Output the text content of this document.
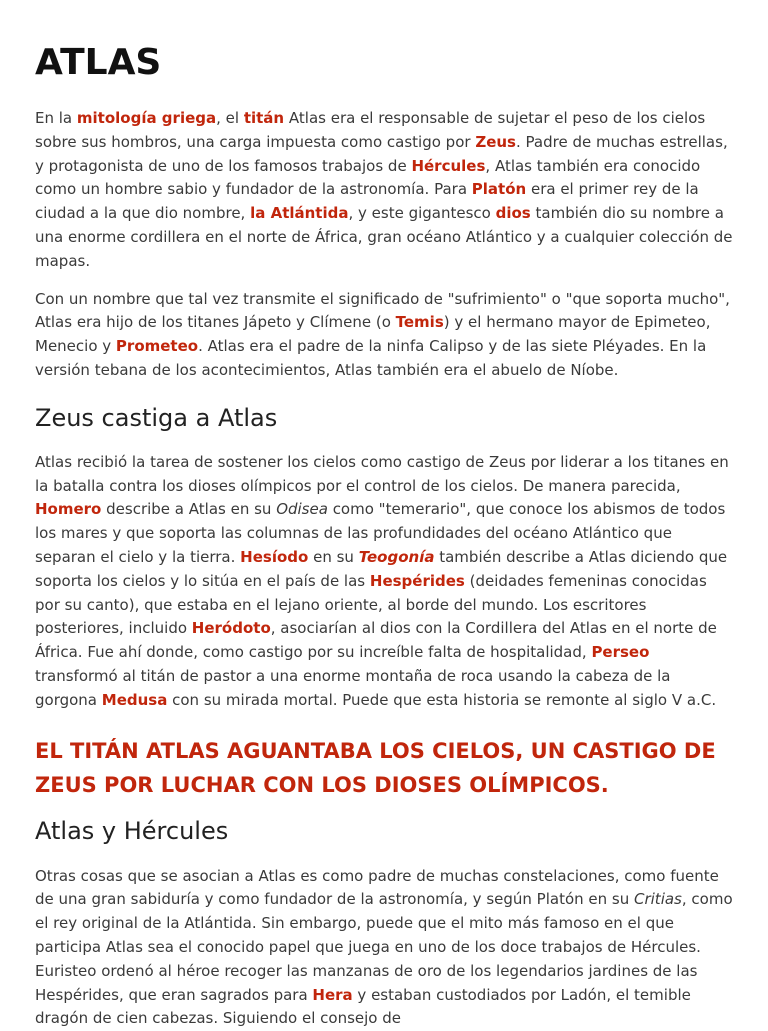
ATLAS

En la mitología griega, el titán Atlas era el responsable de sujetar el peso de los cielos sobre sus hombros, una carga impuesta como castigo por Zeus. Padre de muchas estrellas, y protagonista de uno de los famosos trabajos de Hércules, Atlas también era conocido como un hombre sabio y fundador de la astronomía. Para Platón era el primer rey de la ciudad a la que dio nombre, la Atlántida, y este gigantesco dios también dio su nombre a una enorme cordillera en el norte de África, gran océano Atlántico y a cualquier colección de mapas.

Con un nombre que tal vez transmite el significado de "sufrimiento" o "que soporta mucho", Atlas era hijo de los titanes Jápeto y Clímene (o Temis) y el hermano mayor de Epimeteo, Menecio y Prometeo. Atlas era el padre de la ninfa Calipso y de las siete Pléyades. En la versión tebana de los acontecimientos, Atlas también era el abuelo de Níobe.

Zeus castiga a Atlas

Atlas recibió la tarea de sostener los cielos como castigo de Zeus por liderar a los titanes en la batalla contra los dioses olímpicos por el control de los cielos. De manera parecida, Homero describe a Atlas en su Odisea como "temerario", que conoce los abismos de todos los mares y que soporta las columnas de las profundidades del océano Atlántico que separan el cielo y la tierra. Hesíodo en su Teogonía también describe a Atlas diciendo que soporta los cielos y lo sitúa en el país de las Hespérides (deidades femeninas conocidas por su canto), que estaba en el lejano oriente, al borde del mundo. Los escritores posteriores, incluido Heródoto, asociarían al dios con la Cordillera del Atlas en el norte de África. Fue ahí donde, como castigo por su increíble falta de hospitalidad, Perseo transformó al titán de pastor a una enorme montaña de roca usando la cabeza de la gorgona Medusa con su mirada mortal. Puede que esta historia se remonte al siglo V a.C.

EL TITÁN ATLAS AGUANTABA LOS CIELOS, UN CASTIGO DE ZEUS POR LUCHAR CON LOS DIOSES OLÍMPICOS.
Atlas y Hércules

Otras cosas que se asocian a Atlas es como padre de muchas constelaciones, como fuente de una gran sabiduría y como fundador de la astronomía, y según Platón en su Critias, como el rey original de la Atlántida. Sin embargo, puede que el mito más famoso en el que participa Atlas sea el conocido papel que juega en uno de los doce trabajos de Hércules. Euristeo ordenó al héroe recoger las manzanas de oro de los legendarios jardines de las Hespérides, que eran sagrados para Hera y estaban custodiados por Ladón, el temible dragón de cien cabezas. Siguiendo el consejo de
